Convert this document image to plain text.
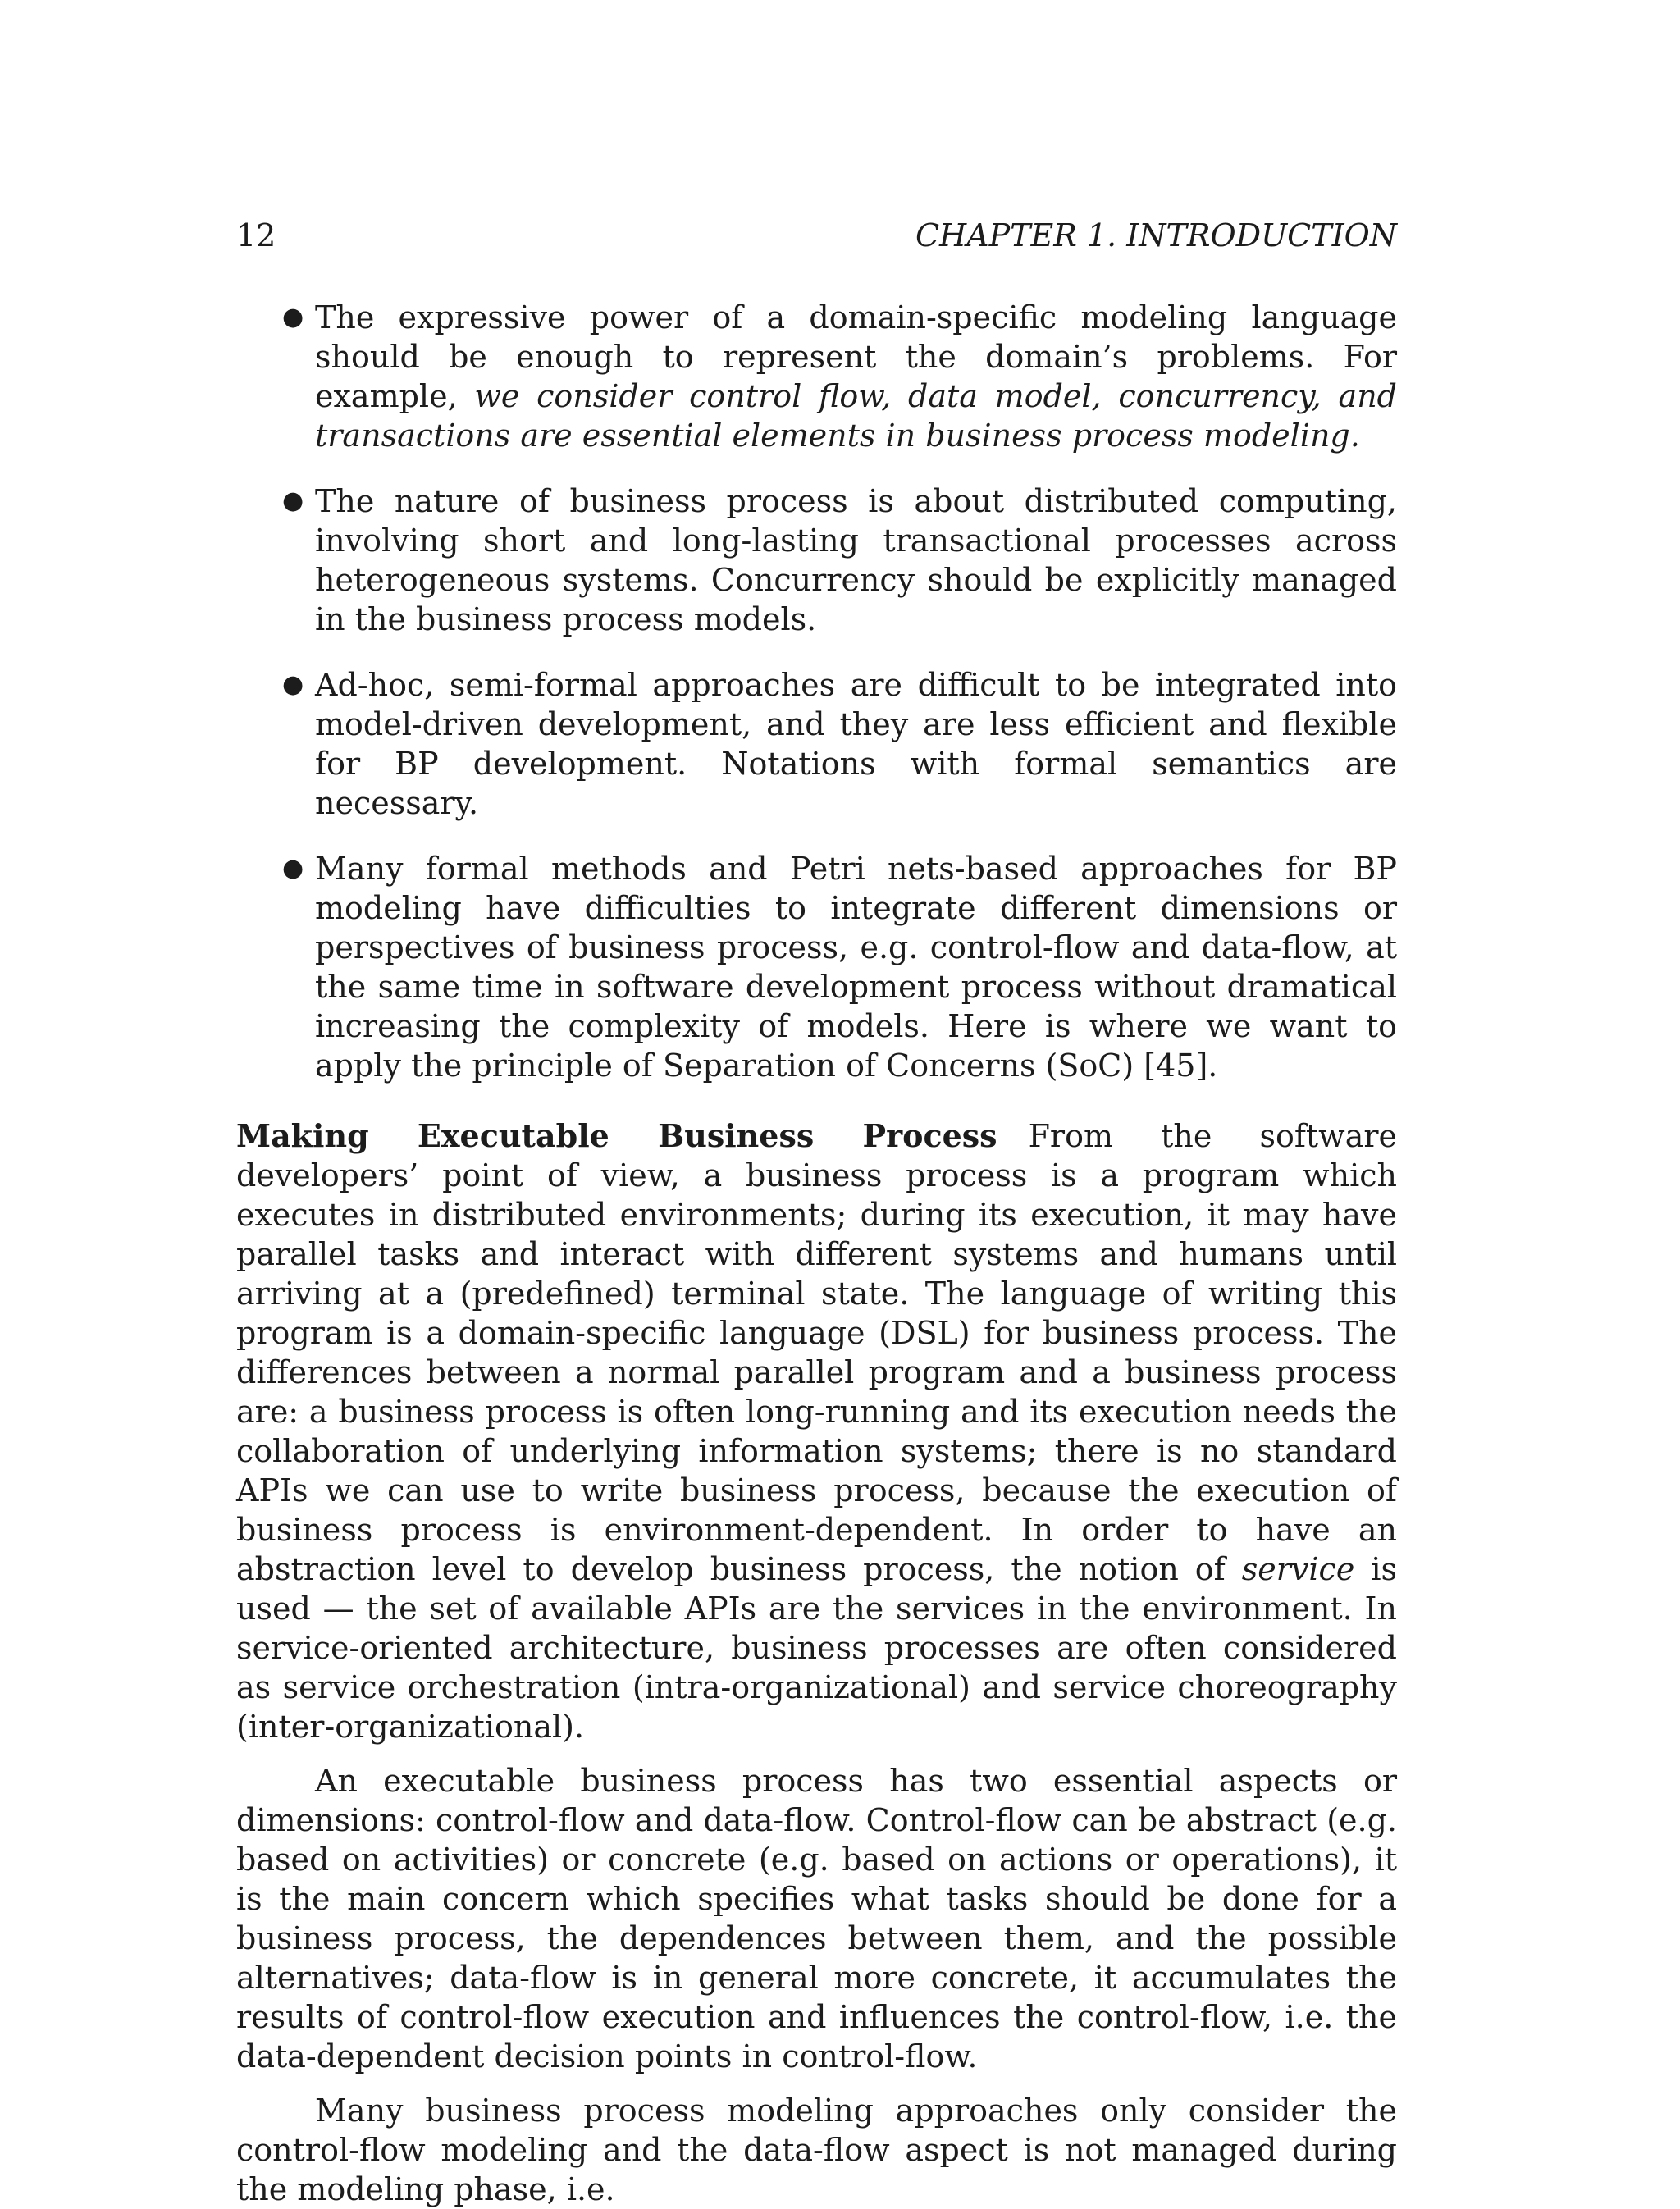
12	CHAPTER 1. INTRODUCTION
● The expressive power of a domain-specific modeling language should be enough to represent the domain’s problems. For example, we consider control flow, data model, concurrency, and transactions are essential elements in business process modeling.

● The nature of business process is about distributed computing, involving short and long-lasting transactional processes across heterogeneous systems. Concurrency should be explicitly managed in the business process models.

● Ad-hoc, semi-formal approaches are difficult to be integrated into model-driven development, and they are less efficient and flexible for BP development. Notations with formal semantics are necessary.

● Many formal methods and Petri nets-based approaches for BP modeling have difficulties to integrate different dimensions or perspectives of business process, e.g. control-flow and data-flow, at the same time in software development process without dramatical increasing the complexity of models. Here is where we want to apply the principle of Separation of Concerns (SoC) [45].

Making Executable Business Process From the software developers’ point of view, a business process is a program which executes in distributed environments; during its execution, it may have parallel tasks and interact with different systems and humans until arriving at a (predefined) terminal state. The language of writing this program is a domain-specific language (DSL) for business process. The differences between a normal parallel program and a business process are: a business process is often long-running and its execution needs the collaboration of underlying information systems; there is no standard APIs we can use to write business process, because the execution of business process is environment-dependent. In order to have an abstraction level to develop business process, the notion of service is used — the set of available APIs are the services in the environment. In service-oriented architecture, business processes are often considered as service orchestration (intra-organizational) and service choreography (inter-organizational).

An executable business process has two essential aspects or dimensions: control-flow and data-flow. Control-flow can be abstract (e.g. based on activities) or concrete (e.g. based on actions or operations), it is the main concern which specifies what tasks should be done for a business process, the dependences between them, and the possible alternatives; data-flow is in general more concrete, it accumulates the results of control-flow execution and influences the control-flow, i.e. the data-dependent decision points in control-flow.

Many business process modeling approaches only consider the control-flow modeling and the data-flow aspect is not managed during the modeling phase, i.e.
